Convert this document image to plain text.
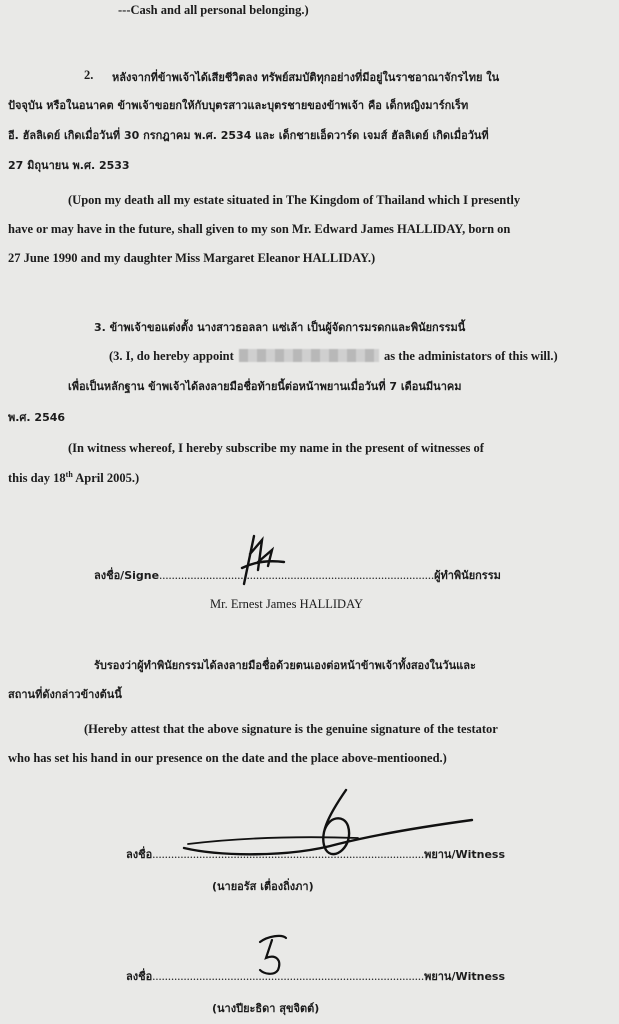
---Cash and all personal belonging.)
2. หลังจากที่ข้าพเจ้าได้เสียชีวิตลง ทรัพย์สมบัติทุกอย่างที่มีอยู่ในราชอาณาจักรไทย ใน
ปัจจุบัน หรือในอนาคต ข้าพเจ้าขอยกให้กับบุตรสาวและบุตรชายของข้าพเจ้า คือ เด็กหญิงมาร์กเร็ท
อี. ฮัลลิเดย์ เกิดเมื่อวันที่ 30 กรกฎาคม พ.ศ. 2534 และ เด็กชายเอ็ดวาร์ด เจมส์ ฮัลลิเดย์ เกิดเมื่อวันที่
27 มิถุนายน พ.ศ. 2533
(Upon my death all my estate situated in The Kingdom of Thailand which I presently
have or may have in the future, shall given to my son Mr. Edward James HALLIDAY, born on
27 June 1990 and my daughter Miss Margaret Eleanor HALLIDAY.)
3. ข้าพเจ้าขอแต่งตั้ง นางสาวธอลลา แซ่เล้า เป็นผู้จัดการมรดกและพินัยกรรมนี้
(3. I, do hereby appoint	as the administators of this will.)
เพื่อเป็นหลักฐาน ข้าพเจ้าได้ลงลายมือชื่อท้ายนี้ต่อหน้าพยานเมื่อวันที่ 7 เดือนมีนาคม
พ.ศ. 2546
(In witness whereof, I hereby subscribe my name in the present of witnesses of
this day 18th April 2005.)
ลงชื่อ/Signe........................................................................................ผู้ทำพินัยกรรม
Mr. Ernest James HALLIDAY
รับรองว่าผู้ทำพินัยกรรมได้ลงลายมือชื่อด้วยตนเองต่อหน้าข้าพเจ้าทั้งสองในวันและ
สถานที่ดังกล่าวข้างต้นนี้
(Hereby attest that the above signature is the genuine signature of the testator
who has set his hand in our presence on the date and the place above-mentiooned.)
ลงชื่อ.......................................................................................พยาน/Witness
(นายอรัส เตื่องถิ่งภา)
ลงชื่อ.......................................................................................พยาน/Witness
(นางปียะธิดา สุขจิตต์)
